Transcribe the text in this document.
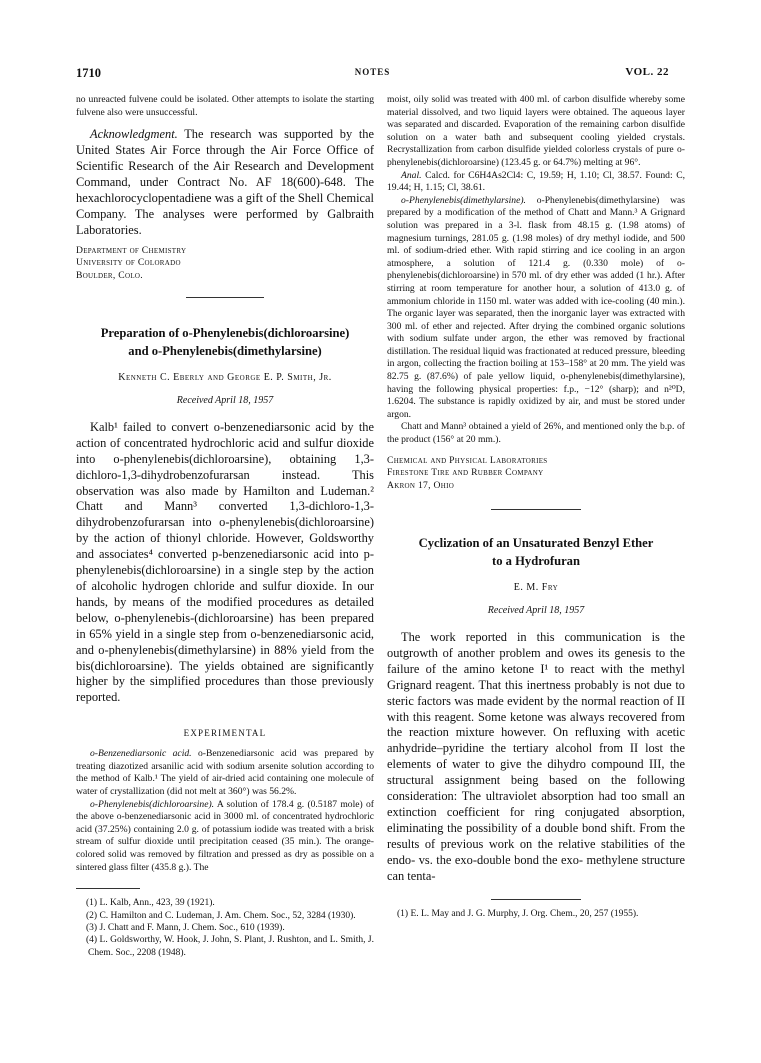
1710	NOTES	VOL. 22

no unreacted fulvene could be isolated. Other attempts to isolate the starting fulvene also were unsuccessful.

Acknowledgment. The research was supported by the United States Air Force through the Air Force Office of Scientific Research of the Air Research and Development Command, under Contract No. AF 18(600)-648. The hexachlorocyclopentadiene was a gift of the Shell Chemical Company. The analyses were performed by Galbraith Laboratories.

Department of Chemistry
University of Colorado
Boulder, Colo.
Preparation of o-Phenylenebis(dichloroarsine)
and o-Phenylenebis(dimethylarsine)
Kenneth C. Eberly and George E. P. Smith, Jr.
Received April 18, 1957

Kalb¹ failed to convert o-benzenediarsonic acid by the action of concentrated hydrochloric acid and sulfur dioxide into o-phenylenebis(dichloroarsine), obtaining 1,3-dichloro-1,3-dihydrobenzofurarsan instead. This observation was also made by Hamilton and Ludeman.² Chatt and Mann³ converted 1,3-dichloro-1,3-dihydrobenzofurarsan into o-phenylenebis(dichloroarsine) by the action of thionyl chloride. However, Goldsworthy and associates⁴ converted p-benzenediarsonic acid into p-phenylenebis(dichloroarsine) in a single step by the action of alcoholic hydrogen chloride and sulfur dioxide. In our hands, by means of the modified procedures as detailed below, o-phenylenebis-(dichloroarsine) has been prepared in 65% yield in a single step from o-benzenediarsonic acid, and o-phenylenebis(dimethylarsine) in 88% yield from the bis(dichloroarsine). The yields obtained are significantly higher by the simplified procedures than those previously reported.

EXPERIMENTAL

o-Benzenediarsonic acid. o-Benzenediarsonic acid was prepared by treating diazotized arsanilic acid with sodium arsenite solution according to the method of Kalb.¹ The yield of air-dried acid containing one molecule of water of crystallization (did not melt at 360°) was 56.2%.

o-Phenylenebis(dichloroarsine). A solution of 178.4 g. (0.5187 mole) of the above o-benzenediarsonic acid in 3000 ml. of concentrated hydrochloric acid (37.25%) containing 2.0 g. of potassium iodide was treated with a brisk stream of sulfur dioxide until precipitation ceased (35 min.). The orange-colored solid was removed by filtration and pressed as dry as possible on a sintered glass filter (435.8 g.). The

(1) L. Kalb, Ann., 423, 39 (1921).

(2) C. Hamilton and C. Ludeman, J. Am. Chem. Soc., 52, 3284 (1930).

(3) J. Chatt and F. Mann, J. Chem. Soc., 610 (1939).

(4) L. Goldsworthy, W. Hook, J. John, S. Plant, J. Rushton, and L. Smith, J. Chem. Soc., 2208 (1948).

moist, oily solid was treated with 400 ml. of carbon disulfide whereby some material dissolved, and two liquid layers were obtained. The aqueous layer was separated and discarded. Evaporation of the remaining carbon disulfide solution on a water bath and subsequent cooling yielded crystals. Recrystallization from carbon disulfide yielded colorless crystals of pure o-phenylenebis(dichloroarsine) (123.45 g. or 64.7%) melting at 96°.

Anal. Calcd. for C6H4As2Cl4: C, 19.59; H, 1.10; Cl, 38.57. Found: C, 19.44; H, 1.15; Cl, 38.61.

o-Phenylenebis(dimethylarsine). o-Phenylenebis(dimethylarsine) was prepared by a modification of the method of Chatt and Mann.³ A Grignard solution was prepared in a 3-l. flask from 48.15 g. (1.98 atoms) of magnesium turnings, 281.05 g. (1.98 moles) of dry methyl iodide, and 500 ml. of sodium-dried ether. With rapid stirring and ice cooling in an argon atmosphere, a solution of 121.4 g. (0.330 mole) of o-phenylenebis(dichloroarsine) in 570 ml. of dry ether was added (1 hr.). After stirring at room temperature for another hour, a solution of 413.0 g. of ammonium chloride in 1150 ml. water was added with ice-cooling (40 min.). The organic layer was separated, then the inorganic layer was extracted with 300 ml. of ether and rejected. After drying the combined organic solutions with sodium sulfate under argon, the ether was removed by fractional distillation. The residual liquid was fractionated at reduced pressure, bleeding in argon, collecting the fraction boiling at 153–158° at 20 mm. The yield was 82.75 g. (87.6%) of pale yellow liquid, o-phenylenebis(dimethylarsine), having the following physical properties: f.p., −12° (sharp); and n²⁰D, 1.6204. The substance is rapidly oxidized by air, and must be stored under argon.

Chatt and Mann³ obtained a yield of 26%, and mentioned only the b.p. of the product (156° at 20 mm.).

Chemical and Physical Laboratories
Firestone Tire and Rubber Company
Akron 17, Ohio
Cyclization of an Unsaturated Benzyl Ether
to a Hydrofuran
E. M. Fry
Received April 18, 1957

The work reported in this communication is the outgrowth of another problem and owes its genesis to the failure of the amino ketone I¹ to react with the methyl Grignard reagent. That this inertness probably is not due to steric factors was made evident by the normal reaction of II with this reagent. Some ketone was always recovered from the reaction mixture however. On refluxing with acetic anhydride–pyridine the tertiary alcohol from II lost the elements of water to give the dihydro compound III, the structural assignment being based on the following consideration: The ultraviolet absorption had too small an extinction coefficient for ring conjugated absorption, eliminating the possibility of a double bond shift. From the results of previous work on the relative stabilities of the endo- vs. the exo-double bond the exo- methylene structure can tenta-

(1) E. L. May and J. G. Murphy, J. Org. Chem., 20, 257 (1955).
